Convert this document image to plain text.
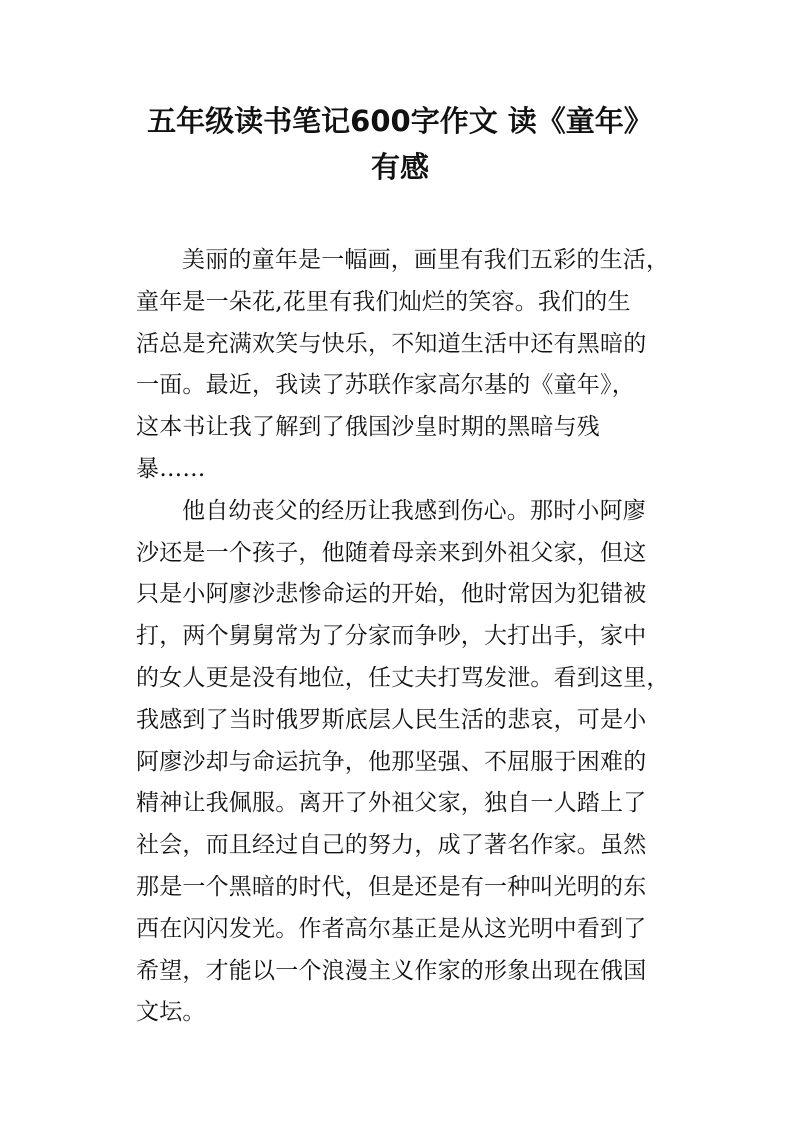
五年级读书笔记600字作文 读《童年》
有感
美丽的童年是一幅画，画里有我们五彩的生活，
童年是一朵花,花里有我们灿烂的笑容。我们的生
活总是充满欢笑与快乐，不知道生活中还有黑暗的
一面。最近，我读了苏联作家高尔基的《童年》，
这本书让我了解到了俄国沙皇时期的黑暗与残
暴……
他自幼丧父的经历让我感到伤心。那时小阿廖
沙还是一个孩子，他随着母亲来到外祖父家，但这
只是小阿廖沙悲惨命运的开始，他时常因为犯错被
打，两个舅舅常为了分家而争吵，大打出手，家中
的女人更是没有地位，任丈夫打骂发泄。看到这里，
我感到了当时俄罗斯底层人民生活的悲哀，可是小
阿廖沙却与命运抗争，他那坚强、不屈服于困难的
精神让我佩服。离开了外祖父家，独自一人踏上了
社会，而且经过自己的努力，成了著名作家。虽然
那是一个黑暗的时代，但是还是有一种叫光明的东
西在闪闪发光。作者高尔基正是从这光明中看到了
希望，才能以一个浪漫主义作家的形象出现在俄国
文坛。
